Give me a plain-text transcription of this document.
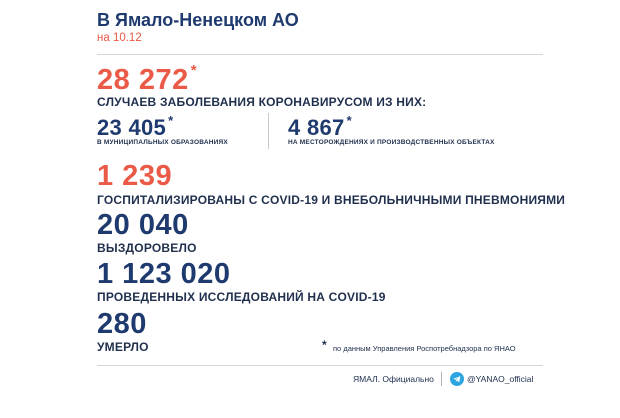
В Ямало-Ненецком АО
на 10.12
28 272 *
СЛУЧАЕВ ЗАБОЛЕВАНИЯ КОРОНАВИРУСОМ ИЗ НИХ:
23 405 *
В МУНИЦИПАЛЬНЫХ ОБРАЗОВАНИЯХ
4 867 *
НА МЕСТОРОЖДЕНИЯХ И ПРОИЗВОДСТВЕННЫХ ОБЪЕКТАХ
1 239
ГОСПИТАЛИЗИРОВАНЫ С COVID-19 И ВНЕБОЛЬНИЧНЫМИ ПНЕВМОНИЯМИ
20 040
ВЫЗДОРОВЕЛО
1 123 020
ПРОВЕДЕННЫХ ИССЛЕДОВАНИЙ НА COVID-19
280
УМЕРЛО	* по данным Управления Роспотребнадзора по ЯНАО
ЯМАЛ. Официально	@YANAO_official
